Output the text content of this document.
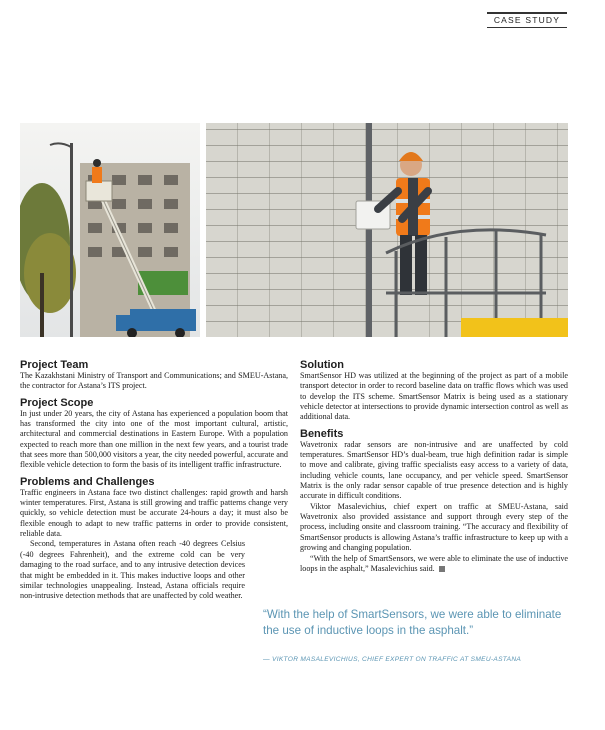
CASE STUDY
Project Team

The Kazakhstani Ministry of Transport and Communications; and SMEU-Astana, the contractor for Astana’s ITS project.

Project Scope

In just under 20 years, the city of Astana has experienced a population boom that has transformed the city into one of the most important cultural, artistic, architectural and commercial destinations in Eastern Europe. With a population expected to reach more than one million in the next few years, and a tourist trade that sees more than 500,000 visitors a year, the city needed powerful, accurate and flexible vehicle detection to form the basis of its intelligent traffic infrastructure.

Problems and Challenges

Traffic engineers in Astana face two distinct challenges: rapid growth and harsh winter temperatures. First, Astana is still growing and traffic patterns change very quickly, so vehicle detection must be accurate 24-hours a day; it must also be flexible enough to adapt to new traffic patterns in order to provide consistent, reliable data.

Second, temperatures in Astana often reach -40 degrees Celsius (-40 degrees Fahrenheit), and the extreme cold can be very damaging to the road surface, and to any intrusive detection devices that might be embedded in it. This makes inductive loops and other similar technologies unappealing. Instead, Astana officials require non-intrusive detection methods that are unaffected by cold weather.

Solution

SmartSensor HD was utilized at the beginning of the project as part of a mobile transport detector in order to record baseline data on traffic flows which was used to develop the ITS scheme. SmartSensor Matrix is being used as a stationary vehicle detector at intersections to provide dynamic intersection control as well as additional data.

Benefits

Wavetronix radar sensors are non-intrusive and are unaffected by cold temperatures. SmartSensor HD’s dual-beam, true high definition radar is simple to move and calibrate, giving traffic specialists easy access to a variety of data, including vehicle counts, lane occupancy, and per vehicle speed. SmartSensor Matrix is the only radar sensor capable of true presence detection and is highly accurate in difficult conditions.

Viktor Masalevichius, chief expert on traffic at SMEU-Astana, said Wavetronix also provided assistance and support through every step of the process, including onsite and classroom training. “The accuracy and flexibility of SmartSensor products is allowing Astana’s traffic infrastructure to keep up with a growing and changing population.

“With the help of SmartSensors, we were able to eliminate the use of inductive loops in the asphalt,” Masalevichius said.

“With the help of SmartSensors, we were able to eliminate the use of inductive loops in the asphalt.”
— VIKTOR MASALEVICHIUS, CHIEF EXPERT ON TRAFFIC AT SMEU-ASTANA
